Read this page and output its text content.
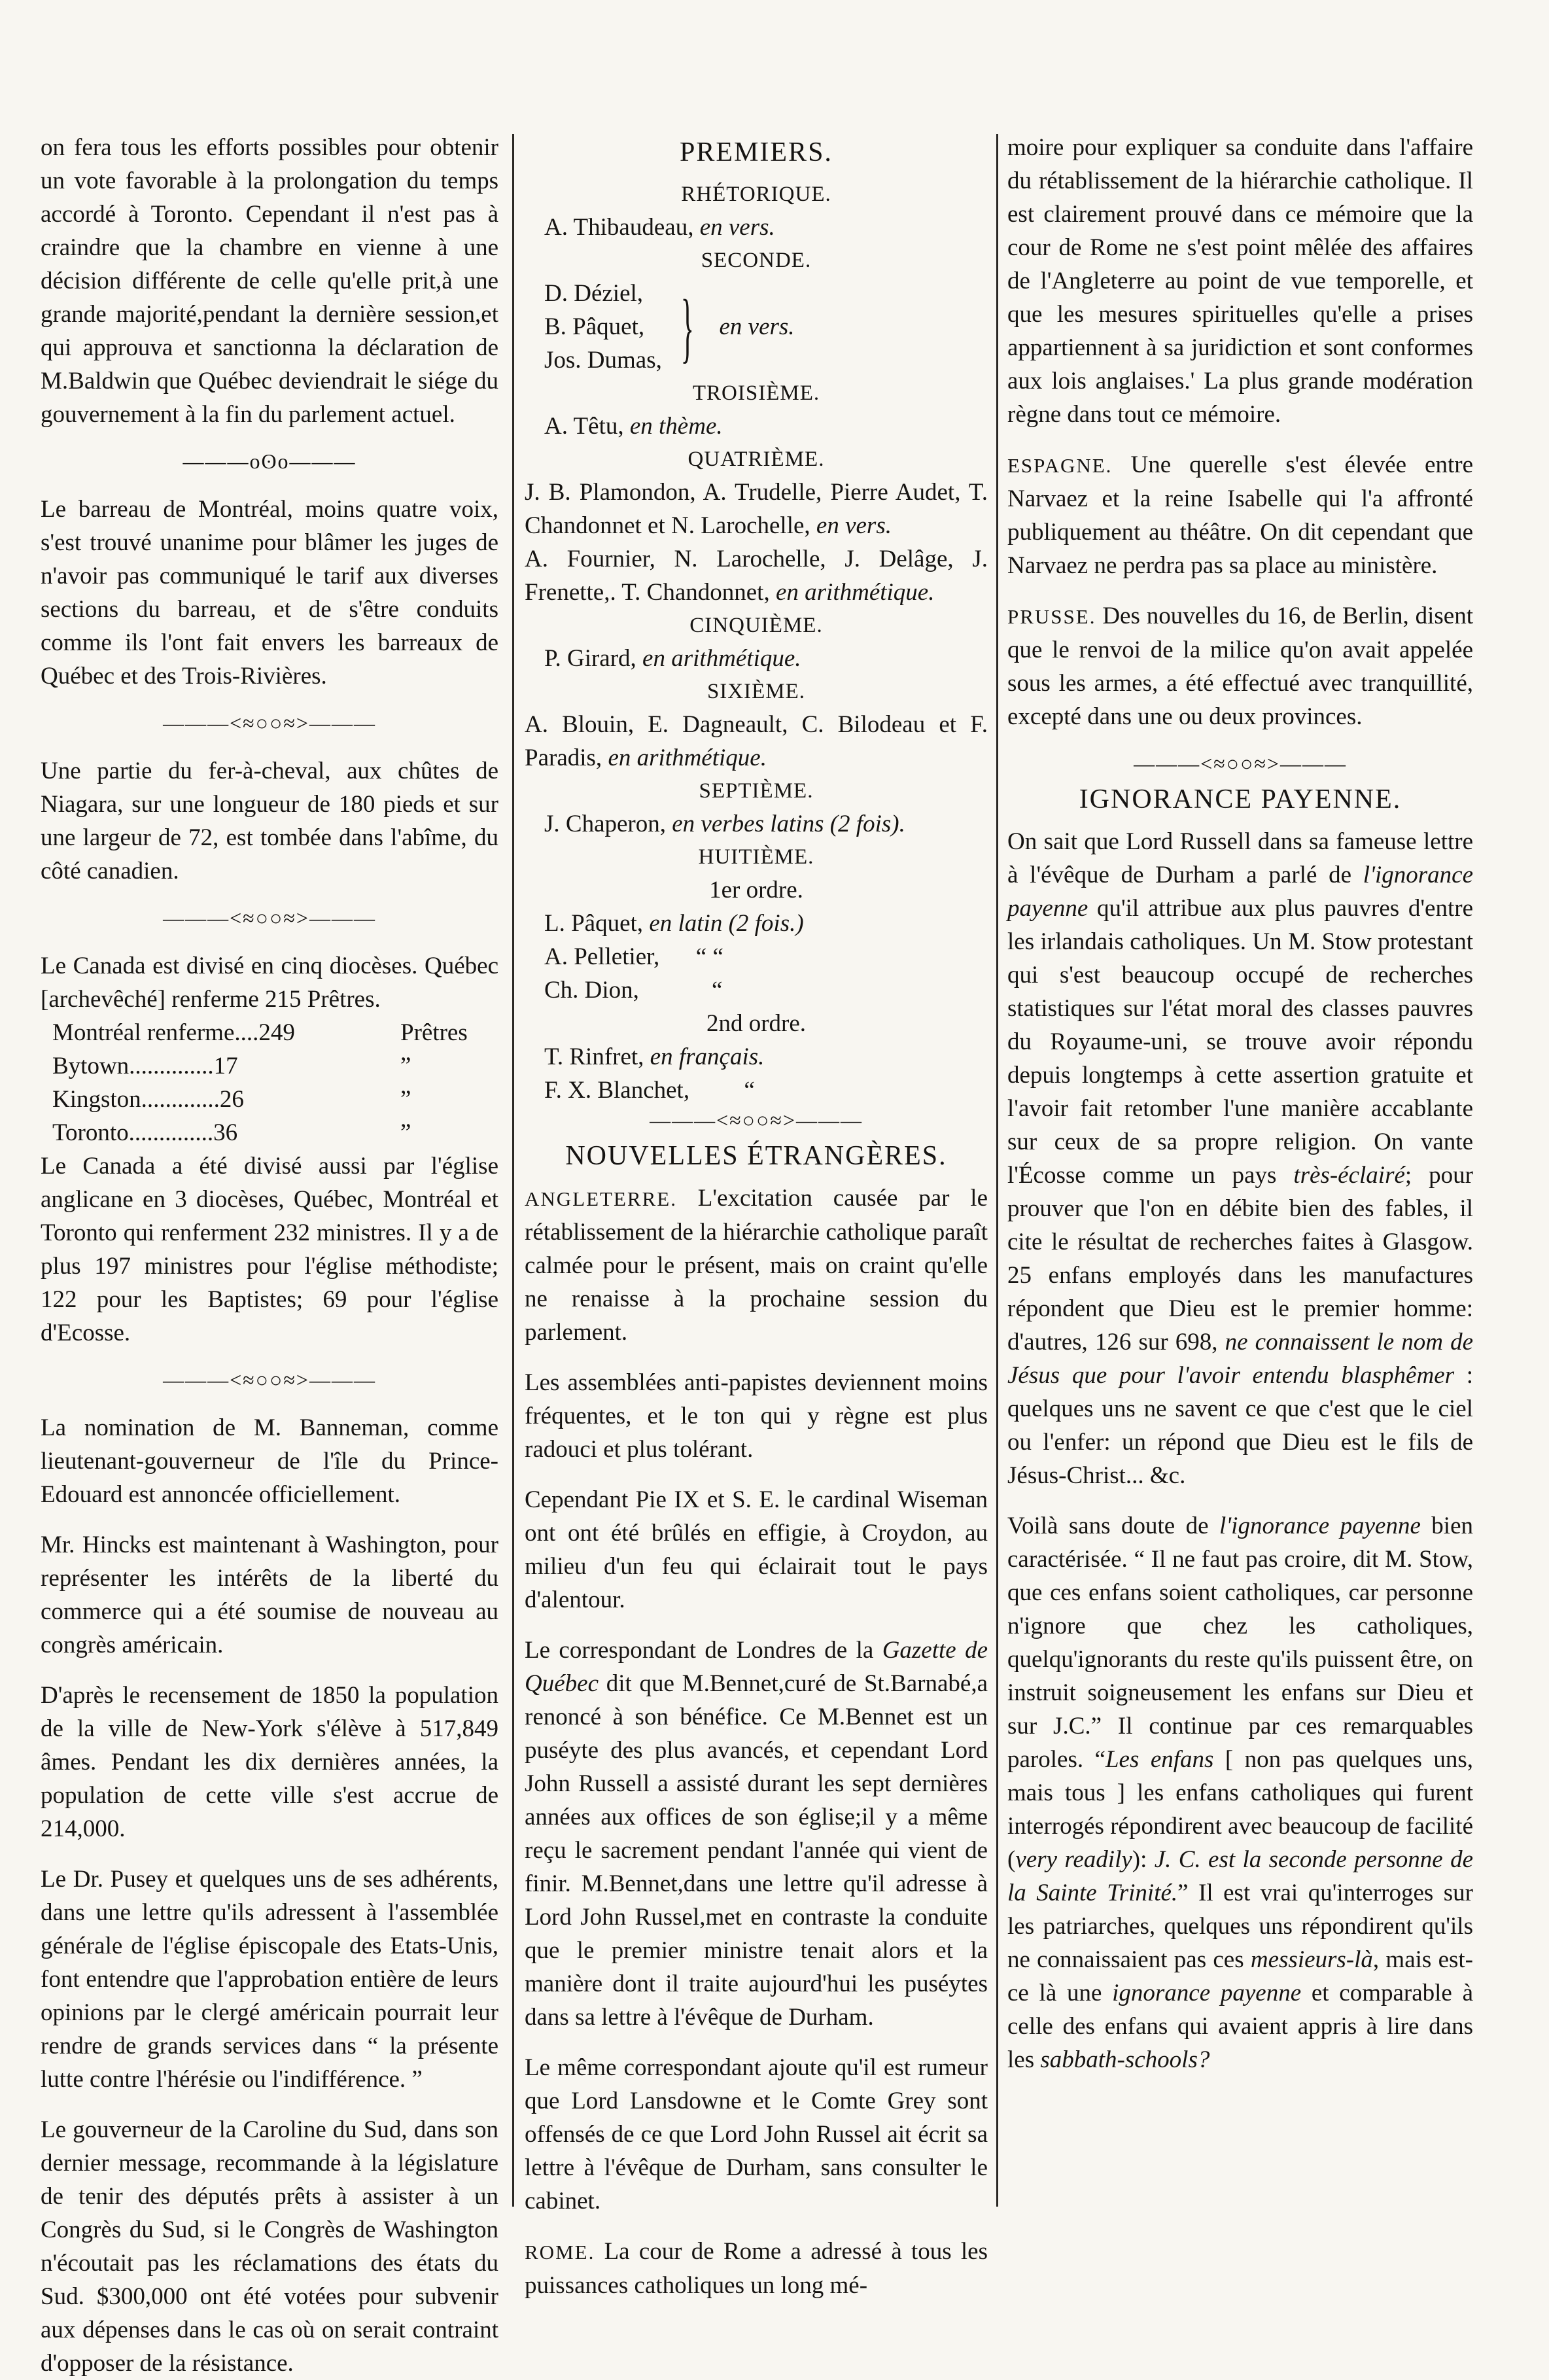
on fera tous les efforts possibles pour obtenir un vote favorable à la prolongation du temps accordé à Toronto. Cependant il n'est pas à craindre que la chambre en vienne à une décision différente de celle qu'elle prit,à une grande majorité,pendant la dernière session,et qui approuva et sanctionna la déclaration de M.Baldwin que Québec deviendrait le siége du gouvernement à la fin du parlement actuel.

———oʘo———

Le barreau de Montréal, moins quatre voix, s'est trouvé unanime pour blâmer les juges de n'avoir pas communiqué le tarif aux diverses sections du barreau, et de s'être conduits comme ils l'ont fait envers les barreaux de Québec et des Trois-Rivières.

———<≈○○≈>———

Une partie du fer-à-cheval, aux chûtes de Niagara, sur une longueur de 180 pieds et sur une largeur de 72, est tombée dans l'abîme, du côté canadien.

———<≈○○≈>———

Le Canada est divisé en cinq diocèses. Québec [archevêché] renferme 215 Prêtres.

Montréal renferme....249	Prêtres
Bytown..............17	”
Kingston.............26	”
Toronto..............36	”

Le Canada a été divisé aussi par l'église anglicane en 3 diocèses, Québec, Montréal et Toronto qui renferment 232 ministres. Il y a de plus 197 ministres pour l'église méthodiste; 122 pour les Baptistes; 69 pour l'église d'Ecosse.

———<≈○○≈>———

La nomination de M. Banneman, comme lieutenant-gouverneur de l'île du Prince-Edouard est annoncée officiellement.

Mr. Hincks est maintenant à Washington, pour représenter les intérêts de la liberté du commerce qui a été soumise de nouveau au congrès américain.

D'après le recensement de 1850 la population de la ville de New-York s'élève à 517,849 âmes. Pendant les dix dernières années, la population de cette ville s'est accrue de 214,000.

Le Dr. Pusey et quelques uns de ses adhérents, dans une lettre qu'ils adressent à l'assemblée générale de l'église épiscopale des Etats-Unis, font entendre que l'approbation entière de leurs opinions par le clergé américain pourrait leur rendre de grands services dans “ la présente lutte contre l'hérésie ou l'indifférence. ”

Le gouverneur de la Caroline du Sud, dans son dernier message, recommande à la législature de tenir des députés prêts à assister à un Congrès du Sud, si le Congrès de Washington n'écoutait pas les réclamations des états du Sud. $300,000 ont été votées pour subvenir aux dépenses dans le cas où on serait contraint d'opposer de la résistance.

PREMIERS.
RHÉTORIQUE.
A. Thibaudeau, en vers.
SECONDE.
D. Déziel,
B. Pâquet,
Jos. Dumas, } en vers.
TROISIÈME.
A. Têtu, en thème.
QUATRIÈME.

J. B. Plamondon, A. Trudelle, Pierre Audet, T. Chandonnet et N. Larochelle, en vers.

A. Fournier, N. Larochelle, J. Delâge, J. Frenette,. T. Chandonnet, en arithmétique.

CINQUIÈME.
P. Girard, en arithmétique.
SIXIÈME.

A. Blouin, E. Dagneault, C. Bilodeau et F. Paradis, en arithmétique.

SEPTIÈME.
J. Chaperon, en verbes latins (2 fois).
HUITIÈME.
1er ordre.
L. Pâquet, en latin (2 fois.)
A. Pelletier, “ “
Ch. Dion,	“
2nd ordre.
T. Rinfret, en français.
F. X. Blanchet, “
———<≈○○≈>———
NOUVELLES ÉTRANGÈRES.

ANGLETERRE. L'excitation causée par le rétablissement de la hiérarchie catholique paraît calmée pour le présent, mais on craint qu'elle ne renaisse à la prochaine session du parlement.

Les assemblées anti-papistes deviennent moins fréquentes, et le ton qui y règne est plus radouci et plus tolérant.

Cependant Pie IX et S. E. le cardinal Wiseman ont ont été brûlés en effigie, à Croydon, au milieu d'un feu qui éclairait tout le pays d'alentour.

Le correspondant de Londres de la Gazette de Québec dit que M.Bennet,curé de St.Barnabé,a renoncé à son bénéfice. Ce M.Bennet est un puséyte des plus avancés, et cependant Lord John Russell a assisté durant les sept dernières années aux offices de son église;il y a même reçu le sacrement pendant l'année qui vient de finir. M.Bennet,dans une lettre qu'il adresse à Lord John Russel,met en contraste la conduite que le premier ministre tenait alors et la manière dont il traite aujourd'hui les puséytes dans sa lettre à l'évêque de Durham.

Le même correspondant ajoute qu'il est rumeur que Lord Lansdowne et le Comte Grey sont offensés de ce que Lord John Russel ait écrit sa lettre à l'évêque de Durham, sans consulter le cabinet.

ROME. La cour de Rome a adressé à tous les puissances catholiques un long mé-

moire pour expliquer sa conduite dans l'affaire du rétablissement de la hiérarchie catholique. Il est clairement prouvé dans ce mémoire que la cour de Rome ne s'est point mêlée des affaires de l'Angleterre au point de vue temporelle, et que les mesures spirituelles qu'elle a prises appartiennent à sa juridiction et sont conformes aux lois anglaises.' La plus grande modération règne dans tout ce mémoire.

ESPAGNE. Une querelle s'est élevée entre Narvaez et la reine Isabelle qui l'a affronté publiquement au théâtre. On dit cependant que Narvaez ne perdra pas sa place au ministère.

PRUSSE. Des nouvelles du 16, de Berlin, disent que le renvoi de la milice qu'on avait appelée sous les armes, a été effectué avec tranquillité, excepté dans une ou deux provinces.

———<≈○○≈>———
IGNORANCE PAYENNE.

On sait que Lord Russell dans sa fameuse lettre à l'évêque de Durham a parlé de l'ignorance payenne qu'il attribue aux plus pauvres d'entre les irlandais catholiques. Un M. Stow protestant qui s'est beaucoup occupé de recherches statistiques sur l'état moral des classes pauvres du Royaume-uni, se trouve avoir répondu depuis longtemps à cette assertion gratuite et l'avoir fait retomber l'une manière accablante sur ceux de sa propre religion. On vante l'Écosse comme un pays très-éclairé; pour prouver que l'on en débite bien des fables, il cite le résultat de recherches faites à Glasgow. 25 enfans employés dans les manufactures répondent que Dieu est le premier homme: d'autres, 126 sur 698, ne connaissent le nom de Jésus que pour l'avoir entendu blasphêmer : quelques uns ne savent ce que c'est que le ciel ou l'enfer: un répond que Dieu est le fils de Jésus-Christ... &c.

Voilà sans doute de l'ignorance payenne bien caractérisée. “ Il ne faut pas croire, dit M. Stow, que ces enfans soient catholiques, car personne n'ignore que chez les catholiques, quelqu'ignorants du reste qu'ils puissent être, on instruit soigneusement les enfans sur Dieu et sur J.C.” Il continue par ces remarquables paroles. “Les enfans [ non pas quelques uns, mais tous ] les enfans catholiques qui furent interrogés répondirent avec beaucoup de facilité (very readily): J. C. est la seconde personne de la Sainte Trinité.” Il est vrai qu'interroges sur les patriarches, quelques uns répondirent qu'ils ne connaissaient pas ces messieurs-là, mais est-ce là une ignorance payenne et comparable à celle des enfans qui avaient appris à lire dans les sabbath-schools?
